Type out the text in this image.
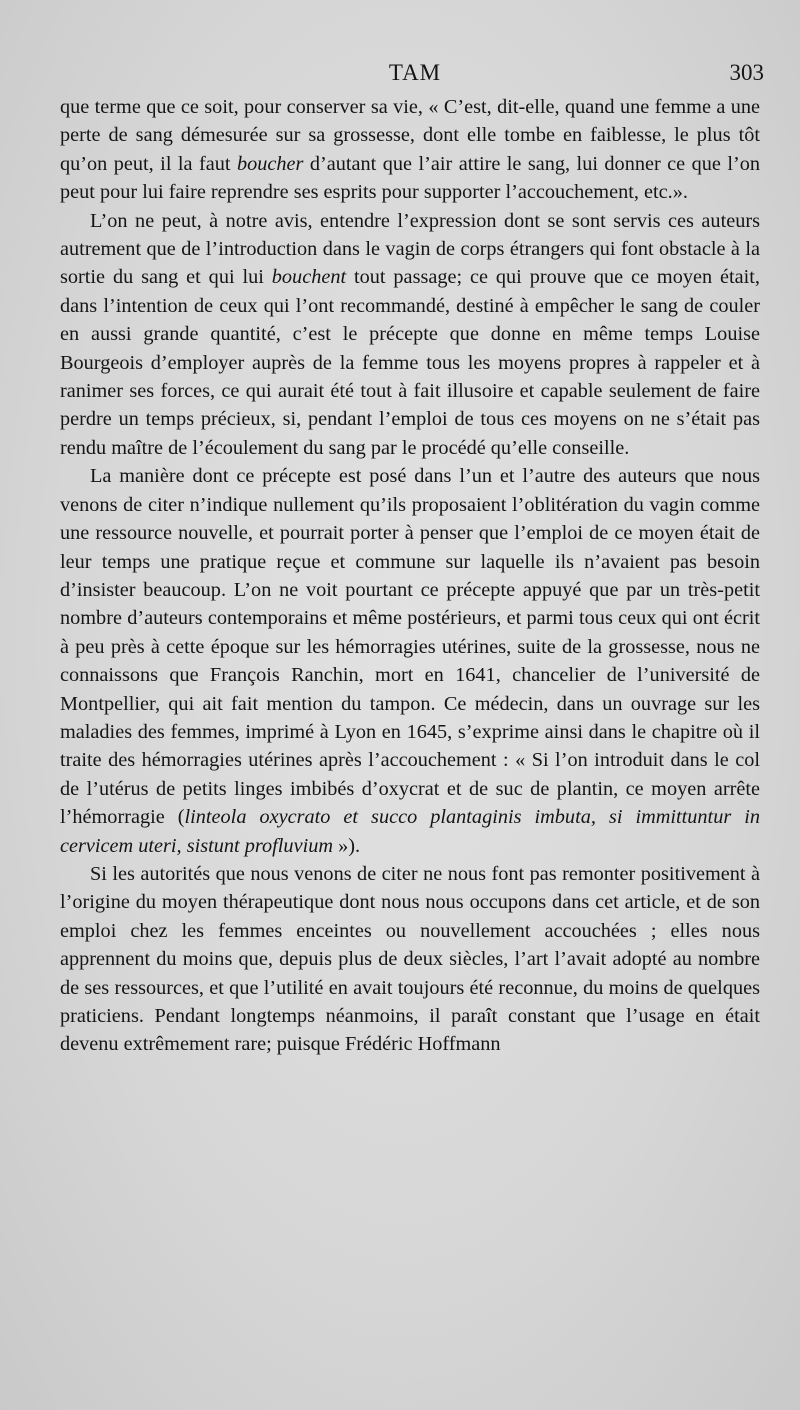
TAM	303

que terme que ce soit, pour conserver sa vie, « C’est, dit-elle, quand une femme a une perte de sang démesurée sur sa grossesse, dont elle tombe en faiblesse, le plus tôt qu’on peut, il la faut boucher d’autant que l’air attire le sang, lui donner ce que l’on peut pour lui faire reprendre ses esprits pour supporter l’accouchement, etc.».

L’on ne peut, à notre avis, entendre l’expression dont se sont servis ces auteurs autrement que de l’introduction dans le vagin de corps étrangers qui font obstacle à la sortie du sang et qui lui bouchent tout passage; ce qui prouve que ce moyen était, dans l’intention de ceux qui l’ont recommandé, destiné à empêcher le sang de couler en aussi grande quantité, c’est le précepte que donne en même temps Louise Bourgeois d’employer auprès de la femme tous les moyens propres à rappeler et à ranimer ses forces, ce qui aurait été tout à fait illusoire et capable seulement de faire perdre un temps précieux, si, pendant l’emploi de tous ces moyens on ne s’était pas rendu maître de l’écoulement du sang par le procédé qu’elle conseille.

La manière dont ce précepte est posé dans l’un et l’autre des auteurs que nous venons de citer n’indique nullement qu’ils proposaient l’oblitération du vagin comme une ressource nouvelle, et pourrait porter à penser que l’emploi de ce moyen était de leur temps une pratique reçue et commune sur laquelle ils n’avaient pas besoin d’insister beaucoup. L’on ne voit pourtant ce précepte appuyé que par un très-petit nombre d’auteurs contemporains et même postérieurs, et parmi tous ceux qui ont écrit à peu près à cette époque sur les hémorragies utérines, suite de la grossesse, nous ne connaissons que François Ranchin, mort en 1641, chancelier de l’université de Montpellier, qui ait fait mention du tampon. Ce médecin, dans un ouvrage sur les maladies des femmes, imprimé à Lyon en 1645, s’exprime ainsi dans le chapitre où il traite des hémorragies utérines après l’accouchement : « Si l’on introduit dans le col de l’utérus de petits linges imbibés d’oxycrat et de suc de plantin, ce moyen arrête l’hémorragie (linteola oxycrato et succo plantaginis imbuta, si immittuntur in cervicem uteri, sistunt profluvium »).

Si les autorités que nous venons de citer ne nous font pas remonter positivement à l’origine du moyen thérapeutique dont nous nous occupons dans cet article, et de son emploi chez les femmes enceintes ou nouvellement accouchées ; elles nous apprennent du moins que, depuis plus de deux siècles, l’art l’avait adopté au nombre de ses ressources, et que l’utilité en avait toujours été reconnue, du moins de quelques praticiens. Pendant longtemps néanmoins, il paraît constant que l’usage en était devenu extrêmement rare; puisque Frédéric Hoffmann
